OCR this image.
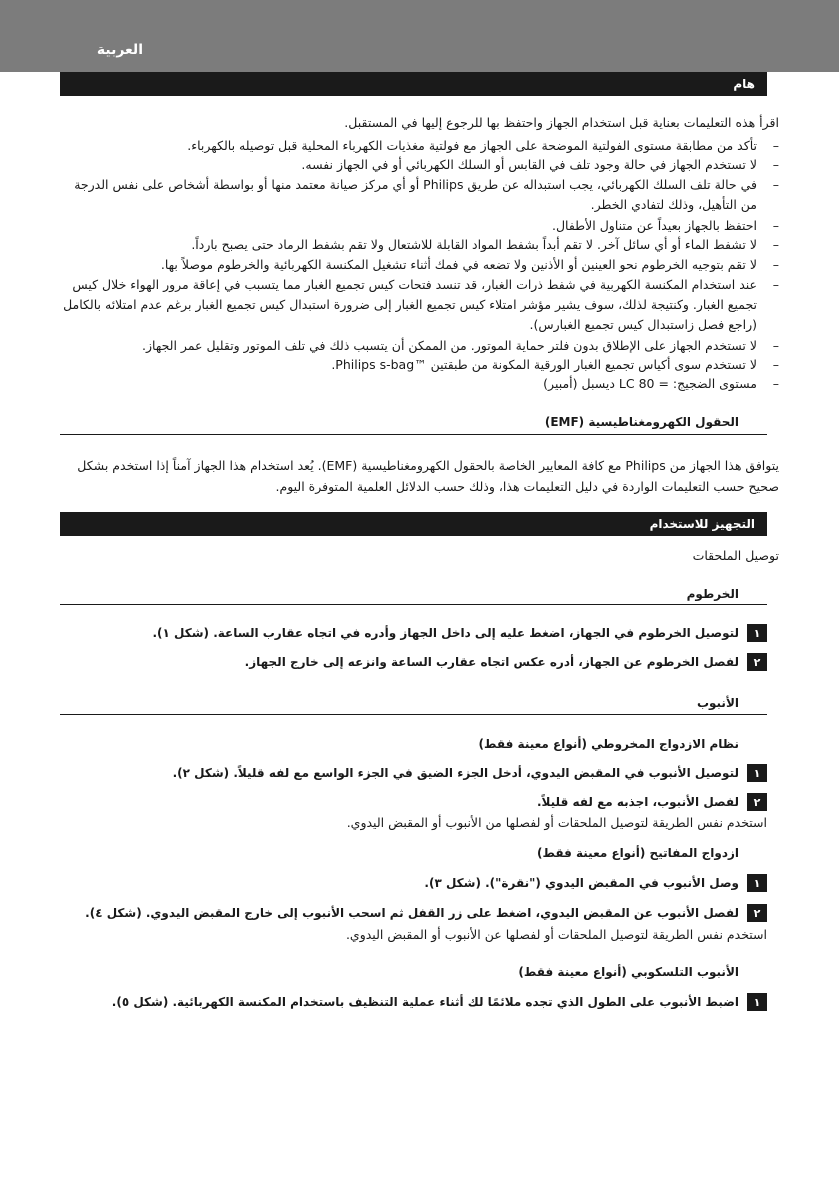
العربية
هام
اقرأ هذه التعليمات بعناية قبل استخدام الجهاز واحتفظ بها للرجوع إليها في المستقبل.
–
تأكد من مطابقة مستوى الفولتية الموضحة على الجهاز مع فولتية مغذيات الكهرباء المحلية قبل توصيله بالكهرباء.
–
لا تستخدم الجهاز في حالة وجود تلف في القابس أو السلك الكهربائي أو في الجهاز نفسه.
–
في حالة تلف السلك الكهربائي، يجب استبداله عن طريق Philips أو أي مركز صيانة معتمد منها أو بواسطة أشخاص على نفس الدرجة من التأهيل، وذلك لتفادي الخطر.
–
احتفظ بالجهاز بعيداً عن متناول الأطفال.
–
لا تشفط الماء أو أي سائل آخر. لا تقم أبداً بشفط المواد القابلة للاشتعال ولا تقم بشفط الرماد حتى يصبح بارداً.
–
لا تقم بتوجيه الخرطوم نحو العينين أو الأذنين ولا تضعه في فمك أثناء تشغيل المكنسة الكهربائية والخرطوم موصلاً بها.
–
عند استخدام المكنسة الكهربية في شفط ذرات الغبار، قد تنسد فتحات كيس تجميع الغبار مما يتسبب في إعاقة مرور الهواء خلال كيس تجميع الغبار. وكنتيجة لذلك، سوف يشير مؤشر امتلاء كيس تجميع الغبار إلى ضرورة استبدال كيس تجميع الغبار برغم عدم امتلائه بالكامل (راجع فصل زاستبدال كيس تجميع الغبارس).
–
لا تستخدم الجهاز على الإطلاق بدون فلتر حماية الموتور. من الممكن أن يتسبب ذلك في تلف الموتور وتقليل عمر الجهاز.
–
لا تستخدم سوى أكياس تجميع الغبار الورقية المكونة من طبقتين ™Philips s-bag.
–
مستوى الضجيج: = LC 80 ديسبل (أمبير)
الحقول الكهرومغناطيسية (EMF)
يتوافق هذا الجهاز من Philips مع كافة المعايير الخاصة بالحقول الكهرومغناطيسية (EMF). يُعد استخدام هذا الجهاز آمناً إذا استخدم بشكل
صحيح حسب التعليمات الواردة في دليل التعليمات هذا، وذلك حسب الدلائل العلمية المتوفرة اليوم.
التجهيز للاستخدام
توصيل الملحقات
الخرطوم
١
لتوصيل الخرطوم في الجهاز، اضغط عليه إلى داخل الجهاز وأدره في اتجاه عقارب الساعة. (شكل ١).
٢
لفصل الخرطوم عن الجهاز، أدره عكس اتجاه عقارب الساعة وانزعه إلى خارج الجهاز.
الأنبوب
نظام الازدواج المخروطي (أنواع معينة فقط)
١
لتوصيل الأنبوب في المقبض اليدوي، أدخل الجزء الضيق في الجزء الواسع مع لفه قليلاً. (شكل ٢).
٢
لفصل الأنبوب، اجذبه مع لفه قليلاً.
استخدم نفس الطريقة لتوصيل الملحقات أو لفصلها من الأنبوب أو المقبض اليدوي.
ازدواج المفاتيح (أنواع معينة فقط)
١
وصل الأنبوب في المقبض اليدوي ("نقرة"). (شكل ٣).
٢
لفصل الأنبوب عن المقبض اليدوي، اضغط على زر القفل ثم اسحب الأنبوب إلى خارج المقبض اليدوي. (شكل ٤).
استخدم نفس الطريقة لتوصيل الملحقات أو لفصلها عن الأنبوب أو المقبض اليدوي.
الأنبوب التلسكوبي (أنواع معينة فقط)
١
اضبط الأنبوب على الطول الذي تجده ملائمًا لك أثناء عملية التنظيف باستخدام المكنسة الكهربائية. (شكل ٥).
